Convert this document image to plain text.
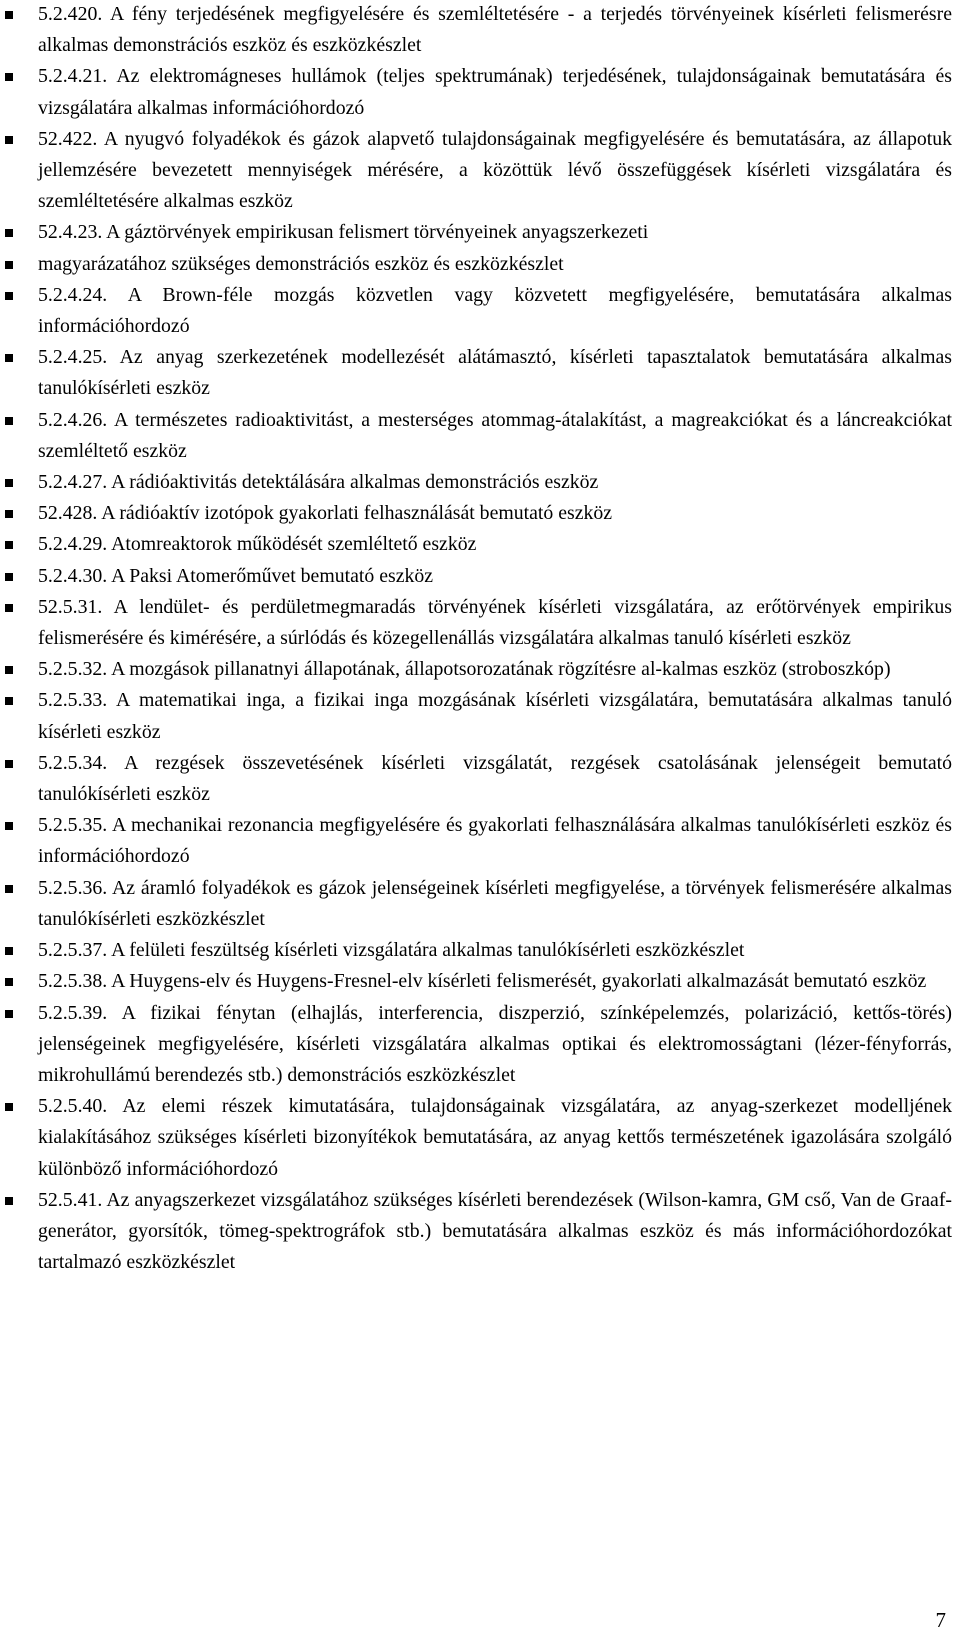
5.2.420. A fény terjedésének megfigyelésére és szemléltetésére - a terjedés törvényeinek kísérleti felismerésre alkalmas demonstrációs eszköz és eszközkészlet
5.2.4.21. Az elektromágneses hullámok (teljes spektrumának) terjedésének, tulajdonságainak bemutatására és vizsgálatára alkalmas információhordozó
52.422. A nyugvó folyadékok és gázok alapvető tulajdonságainak megfigyelésére és bemutatására, az állapotuk jellemzésére bevezetett mennyiségek mérésére, a közöttük lévő összefüggések kísérleti vizsgálatára és szemléltetésére alkalmas eszköz
52.4.23. A gáztörvények empirikusan felismert törvényeinek anyagszerkezeti
magyarázatához szükséges demonstrációs eszköz és eszközkészlet
5.2.4.24. A Brown-féle mozgás közvetlen vagy közvetett megfigyelésére, bemutatására alkalmas információhordozó
5.2.4.25. Az anyag szerkezetének modellezését alátámasztó, kísérleti tapasztalatok bemutatására alkalmas tanulókísérleti eszköz
5.2.4.26. A természetes radioaktivitást, a mesterséges atommag-átalakítást, a magreakciókat és a láncreakciókat szemléltető eszköz
5.2.4.27. A rádióaktivitás detektálására alkalmas demonstrációs eszköz
52.428. A rádióaktív izotópok gyakorlati felhasználását bemutató eszköz
5.2.4.29. Atomreaktorok működését szemléltető eszköz
5.2.4.30. A Paksi Atomerőművet bemutató eszköz
52.5.31. A lendület- és perdületmegmaradás törvényének kísérleti vizsgálatára, az erőtörvények empirikus felismerésére és kimérésére, a súrlódás és közegellenállás vizsgálatára alkalmas tanuló kísérleti eszköz
5.2.5.32. A mozgások pillanatnyi állapotának, állapotsorozatának rögzítésre al-kalmas eszköz (stroboszkóp)
5.2.5.33. A matematikai inga, a fizikai inga mozgásának kísérleti vizsgálatára, bemutatására alkalmas tanuló kísérleti eszköz
5.2.5.34. A rezgések összevetésének kísérleti vizsgálatát, rezgések csatolásának jelenségeit bemutató tanulókísérleti eszköz
5.2.5.35. A mechanikai rezonancia megfigyelésére és gyakorlati felhasználására alkalmas tanulókísérleti eszköz és információhordozó
5.2.5.36. Az áramló folyadékok es gázok jelenségeinek kísérleti megfigyelése, a törvények felismerésére alkalmas tanulókísérleti eszközkészlet
5.2.5.37. A felületi feszültség kísérleti vizsgálatára alkalmas tanulókísérleti eszközkészlet
5.2.5.38. A Huygens-elv és Huygens-Fresnel-elv kísérleti felismerését, gyakorlati alkalmazását bemutató eszköz
5.2.5.39. A fizikai fénytan (elhajlás, interferencia, diszperzió, színképelemzés, polarizáció, kettős-törés) jelenségeinek megfigyelésére, kísérleti vizsgálatára alkalmas optikai és elektromosságtani (lézer-fényforrás, mikrohullámú berendezés stb.) demonstrációs eszközkészlet
5.2.5.40. Az elemi részek kimutatására, tulajdonságainak vizsgálatára, az anyag-szerkezet modelljének kialakításához szükséges kísérleti bizonyítékok bemutatására, az anyag kettős természetének igazolására szolgáló különböző információhordozó
52.5.41. Az anyagszerkezet vizsgálatához szükséges kísérleti berendezések (Wilson-kamra, GM cső, Van de Graaf-generátor, gyorsítók, tömeg-spektrográfok stb.) bemutatására alkalmas eszköz és más információhordozókat tartalmazó eszközkészlet
7
